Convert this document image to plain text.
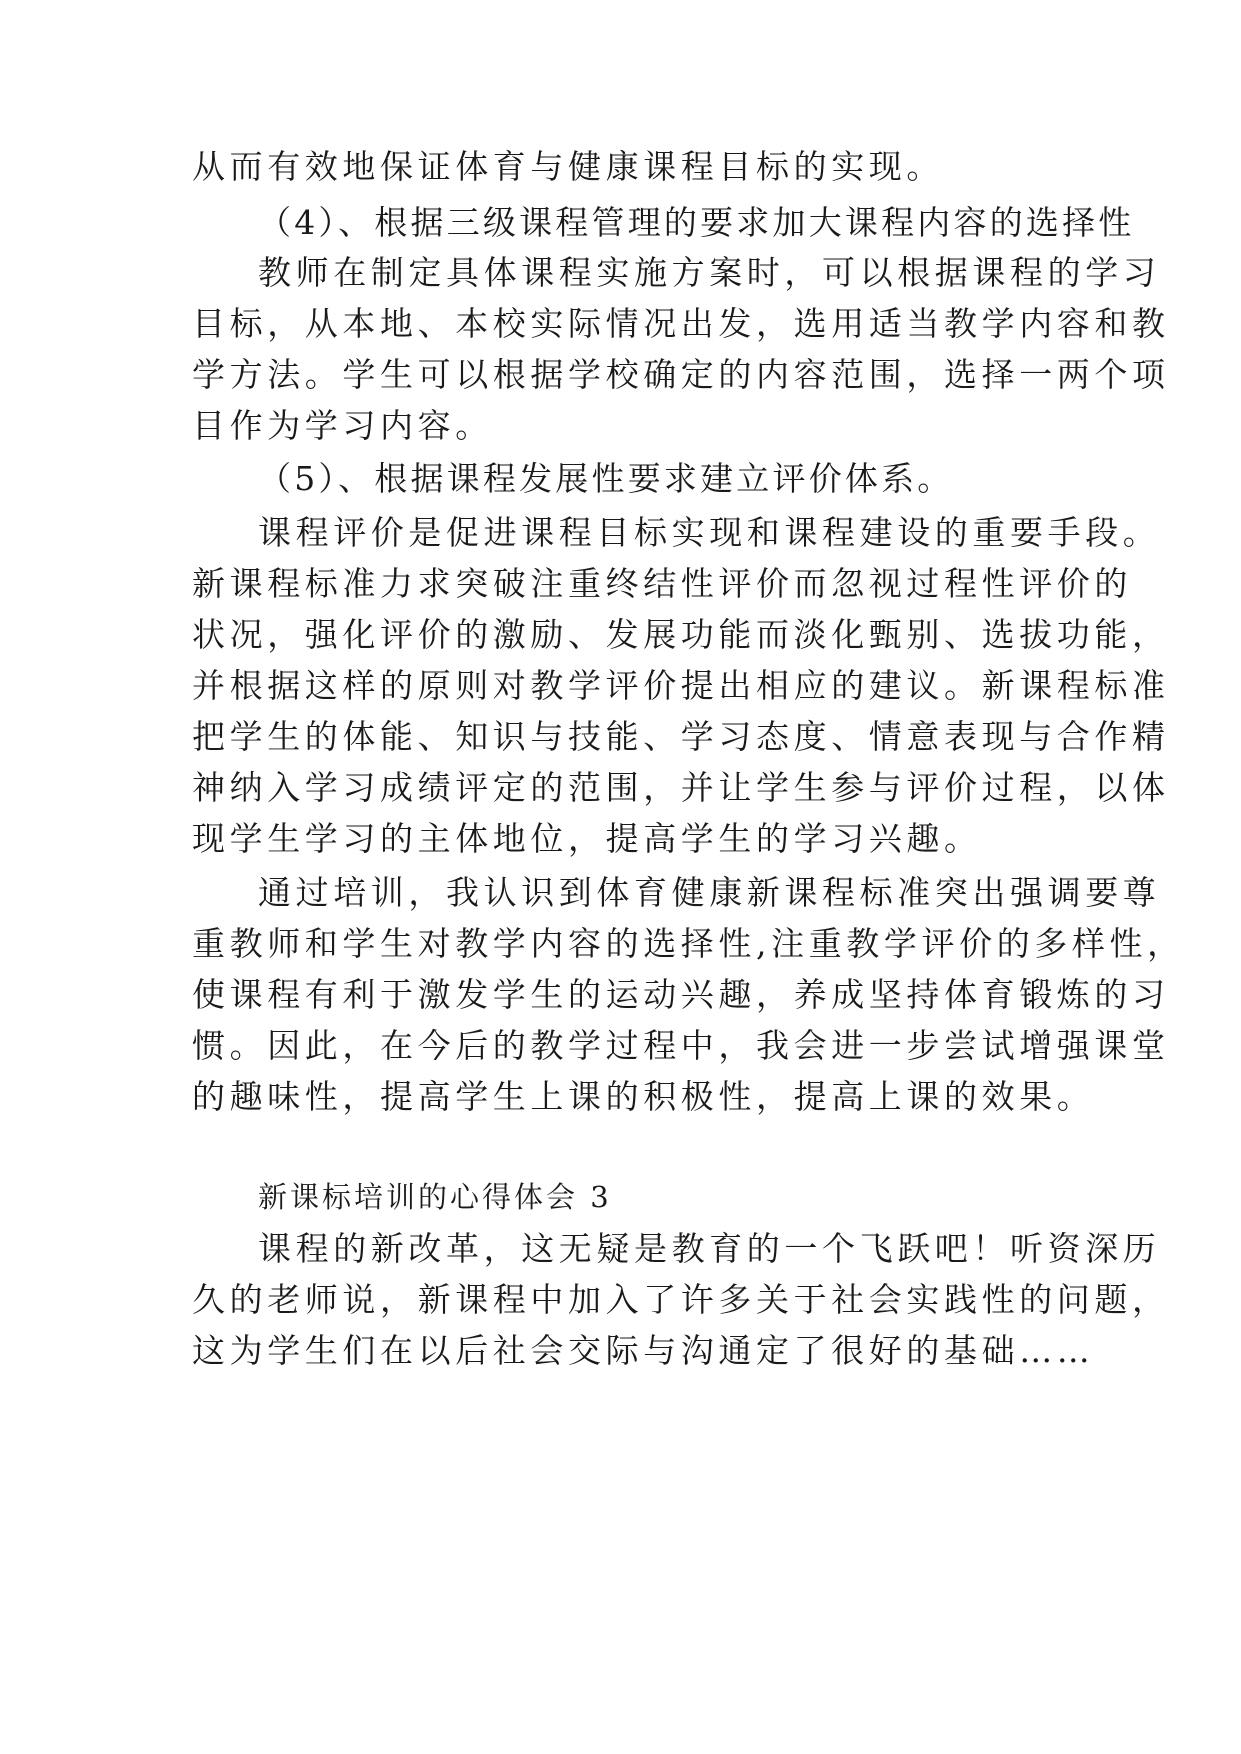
从而有效地保证体育与健康课程目标的实现。
（4）、根据三级课程管理的要求加大课程内容的选择性
教师在制定具体课程实施方案时，可以根据课程的学习
目标，从本地、本校实际情况出发，选用适当教学内容和教
学方法。学生可以根据学校确定的内容范围，选择一两个项
目作为学习内容。
（5）、根据课程发展性要求建立评价体系。
课程评价是促进课程目标实现和课程建设的重要手段。
新课程标准力求突破注重终结性评价而忽视过程性评价的
状况，强化评价的激励、发展功能而淡化甄别、选拔功能，
并根据这样的原则对教学评价提出相应的建议。新课程标准
把学生的体能、知识与技能、学习态度、情意表现与合作精
神纳入学习成绩评定的范围，并让学生参与评价过程，以体
现学生学习的主体地位，提高学生的学习兴趣。
通过培训，我认识到体育健康新课程标准突出强调要尊
重教师和学生对教学内容的选择性,注重教学评价的多样性，
使课程有利于激发学生的运动兴趣，养成坚持体育锻炼的习
惯。因此，在今后的教学过程中，我会进一步尝试增强课堂
的趣味性，提高学生上课的积极性，提高上课的效果。
新课标培训的心得体会 3
课程的新改革，这无疑是教育的一个飞跃吧！听资深历
久的老师说，新课程中加入了许多关于社会实践性的问题，
这为学生们在以后社会交际与沟通定了很好的基础……
